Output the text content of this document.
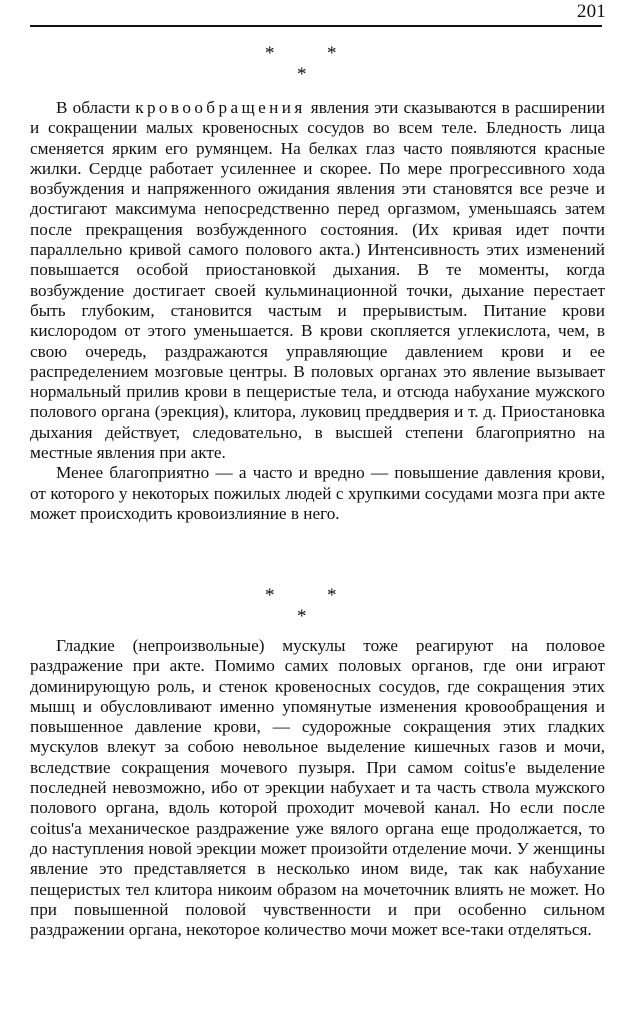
201
*	*
*

В области кровообращения явления эти сказываются в расширении и сокращении малых кровеносных сосудов во всем теле. Бледность лица сменяется ярким его румянцем. На белках глаз часто появляются красные жилки. Сердце работает усиленнее и скорее. По мере прогрессивного хода возбуждения и напряженного ожидания явления эти становятся все резче и достигают максимума непосредственно перед оргазмом, уменьшаясь затем после прекращения возбужденного состояния. (Их кривая идет почти параллельно кривой самого полового акта.) Интенсивность этих изменений повышается особой приостановкой дыхания. В те моменты, когда возбуждение достигает своей кульминационной точки, дыхание перестает быть глубоким, становится частым и прерывистым. Питание крови кислородом от этого уменьшается. В крови скопляется углекислота, чем, в свою очередь, раздражаются управляющие давлением крови и ее распределением мозговые центры. В половых органах это явление вызывает нормальный прилив крови в пещеристые тела, и отсюда набухание мужского полового органа (эрекция), клитора, луковиц преддверия и т. д. Приостановка дыхания действует, следовательно, в высшей степени благоприятно на местные явления при акте.

Менее благоприятно — а часто и вредно — повышение давления крови, от которого у некоторых пожилых людей с хрупкими сосудами мозга при акте может происходить кровоизлияние в него.

*	*
*

Гладкие (непроизвольные) мускулы тоже реагируют на половое раздражение при акте. Помимо самих половых органов, где они играют доминирующую роль, и стенок кровеносных сосудов, где сокращения этих мышц и обусловливают именно упомянутые изменения кровообращения и повышенное давление крови, — судорожные сокращения этих гладких мускулов влекут за собою невольное выделение кишечных газов и мочи, вследствие сокращения мочевого пузыря. При самом coitus'е выделение последней невозможно, ибо от эрекции набухает и та часть ствола мужского полового органа, вдоль которой проходит мочевой канал. Но если после coitus'а механическое раздражение уже вялого органа еще продолжается, то до наступления новой эрекции может произойти отделение мочи. У женщины явление это представляется в несколько ином виде, так как набухание пещеристых тел клитора никоим образом на мочеточник влиять не может. Но при повышенной половой чувственности и при особенно сильном раздражении органа, некоторое количество мочи может все-таки отделяться.
